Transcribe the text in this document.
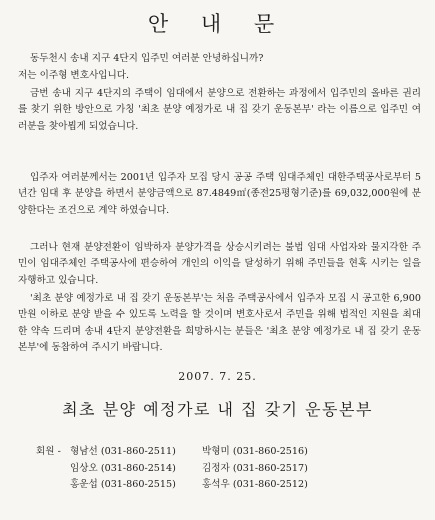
안 내 문

동두천시 송내 지구 4단지 입주민 여러분 안녕하십니까?

저는 이주형 변호사입니다.

금번 송내 지구 4단지의 주택이 임대에서 분양으로 전환하는 과정에서 입주민의 올바른 권리를 찾기 위한 방안으로 가칭 '최초 분양 예정가로 내 집 갖기 운동본부' 라는 이름으로 입주민 여러분을 찾아뵙게 되었습니다.

입주자 여러분께서는 2001년 입주자 모집 당시 공공 주택 임대주체인 대한주택공사로부터 5년간 임대 후 분양을 하면서 분양금액으로 87.4849㎡(종전25평형기준)를 69,032,000원에 분양한다는 조건으로 계약 하였습니다.

그러나 현재 분양전환이 임박하자 분양가격을 상승시키려는 불법 임대 사업자와 물지각한 주민이 임대주체인 주택공사에 편승하여 개인의 이익을 달성하기 위해 주민들을 현혹 시키는 일을 자행하고 있습니다.

'최초 분양 예정가로 내 집 갖기 운동본부'는 처음 주택공사에서 입주자 모집 시 공고한 6,900만원 이하로 분양 받을 수 있도록 노력을 할 것이며 변호사로서 주민을 위해 법적인 지원을 최대한 약속 드리며 송내 4단지 분양전환을 희망하시는 분들은 '최초 분양 예정가로 내 집 갖기 운동본부'에 동참하여 주시기 바랍니다.

2007. 7. 25.
최초 분양 예정가로 내 집 갖기 운동본부
회원 - 형남선 (031-860-2511)	박형미 (031-860-2516)
임상오 (031-860-2514)	김정자 (031-860-2517)
홍운섭 (031-860-2515)	홍석우 (031-860-2512)
